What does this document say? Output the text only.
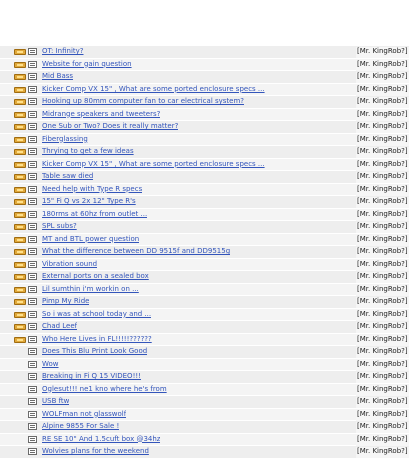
OT: Infinity?	[Mr. KingRob?]
Website for gain question	[Mr. KingRob?]
Mid Bass	[Mr. KingRob?]
Kicker Comp VX 15" , What are some ported enclosure specs ...	[Mr. KingRob?]
Hooking up 80mm computer fan to car electrical system?	[Mr. KingRob?]
Midrange speakers and tweeters?	[Mr. KingRob?]
One Sub or Two? Does it really matter?	[Mr. KingRob?]
Fiberglassing	[Mr. KingRob?]
Thrying to get a few ideas	[Mr. KingRob?]
Kicker Comp VX 15" , What are some ported enclosure specs ...	[Mr. KingRob?]
Table saw died	[Mr. KingRob?]
Need help with Type R specs	[Mr. KingRob?]
15" Fi Q vs 2x 12" Type R's	[Mr. KingRob?]
180rms at 60hz from outlet ...	[Mr. KingRob?]
SPL subs?	[Mr. KingRob?]
MT and BTL power question	[Mr. KingRob?]
What the difference between DD 9515f and DD9515g	[Mr. KingRob?]
Vibration sound	[Mr. KingRob?]
External ports on a sealed box	[Mr. KingRob?]
Lil sumthin i'm workin on ...	[Mr. KingRob?]
Pimp My Ride	[Mr. KingRob?]
So i was at school today and ...	[Mr. KingRob?]
Chad Leef	[Mr. KingRob?]
Who Here Lives in FL!!!!!??????	[Mr. KingRob?]
Does This Blu Print Look Good	[Mr. KingRob?]
Wow	[Mr. KingRob?]
Breaking in Fi Q 15 VIDEO!!!	[Mr. KingRob?]
Oglesut!!! ne1 kno where he's from	[Mr. KingRob?]
USB ftw	[Mr. KingRob?]
WOLFman not glasswolf	[Mr. KingRob?]
Alpine 9855 For Sale !	[Mr. KingRob?]
RE SE 10" And 1.5cuft box @34hz	[Mr. KingRob?]
Wolvies plans for the weekend	[Mr. KingRob?]
